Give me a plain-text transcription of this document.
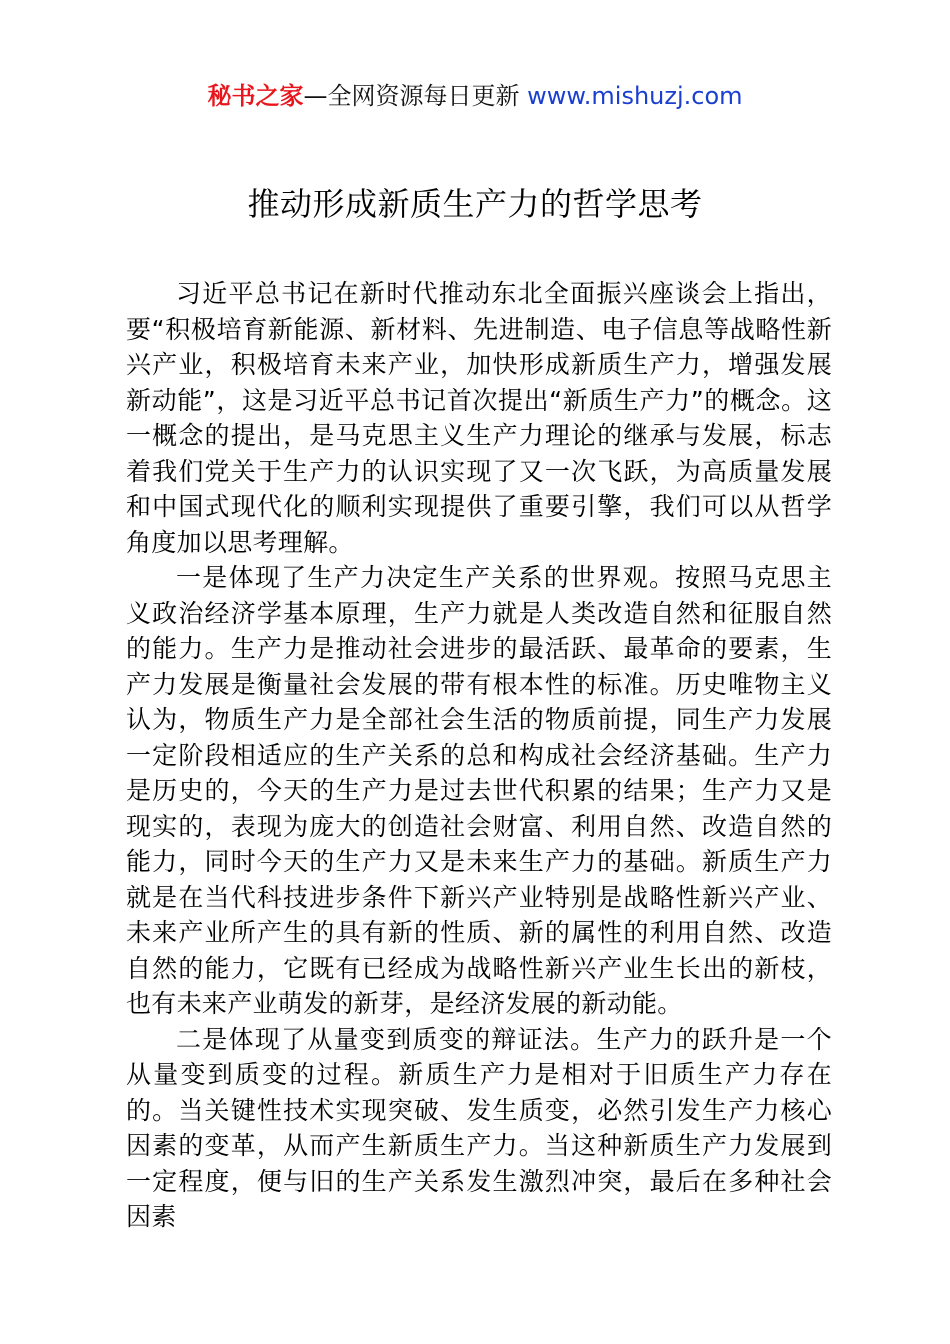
秘书之家—全网资源每日更新 www.mishuzj.com
推动形成新质生产力的哲学思考

习近平总书记在新时代推动东北全面振兴座谈会上指出，要“积极培育新能源、新材料、先进制造、电子信息等战略性新兴产业，积极培育未来产业，加快形成新质生产力，增强发展新动能”，这是习近平总书记首次提出“新质生产力”的概念。这一概念的提出，是马克思主义生产力理论的继承与发展，标志着我们党关于生产力的认识实现了又一次飞跃，为高质量发展和中国式现代化的顺利实现提供了重要引擎，我们可以从哲学角度加以思考理解。

一是体现了生产力决定生产关系的世界观。按照马克思主义政治经济学基本原理，生产力就是人类改造自然和征服自然的能力。生产力是推动社会进步的最活跃、最革命的要素，生产力发展是衡量社会发展的带有根本性的标准。历史唯物主义认为，物质生产力是全部社会生活的物质前提，同生产力发展一定阶段相适应的生产关系的总和构成社会经济基础。生产力是历史的，今天的生产力是过去世代积累的结果；生产力又是现实的，表现为庞大的创造社会财富、利用自然、改造自然的能力，同时今天的生产力又是未来生产力的基础。新质生产力就是在当代科技进步条件下新兴产业特别是战略性新兴产业、未来产业所产生的具有新的性质、新的属性的利用自然、改造自然的能力，它既有已经成为战略性新兴产业生长出的新枝，也有未来产业萌发的新芽，是经济发展的新动能。

二是体现了从量变到质变的辩证法。生产力的跃升是一个从量变到质变的过程。新质生产力是相对于旧质生产力存在的。当关键性技术实现突破、发生质变，必然引发生产力核心因素的变革，从而产生新质生产力。当这种新质生产力发展到一定程度，便与旧的生产关系发生激烈冲突，最后在多种社会因素
